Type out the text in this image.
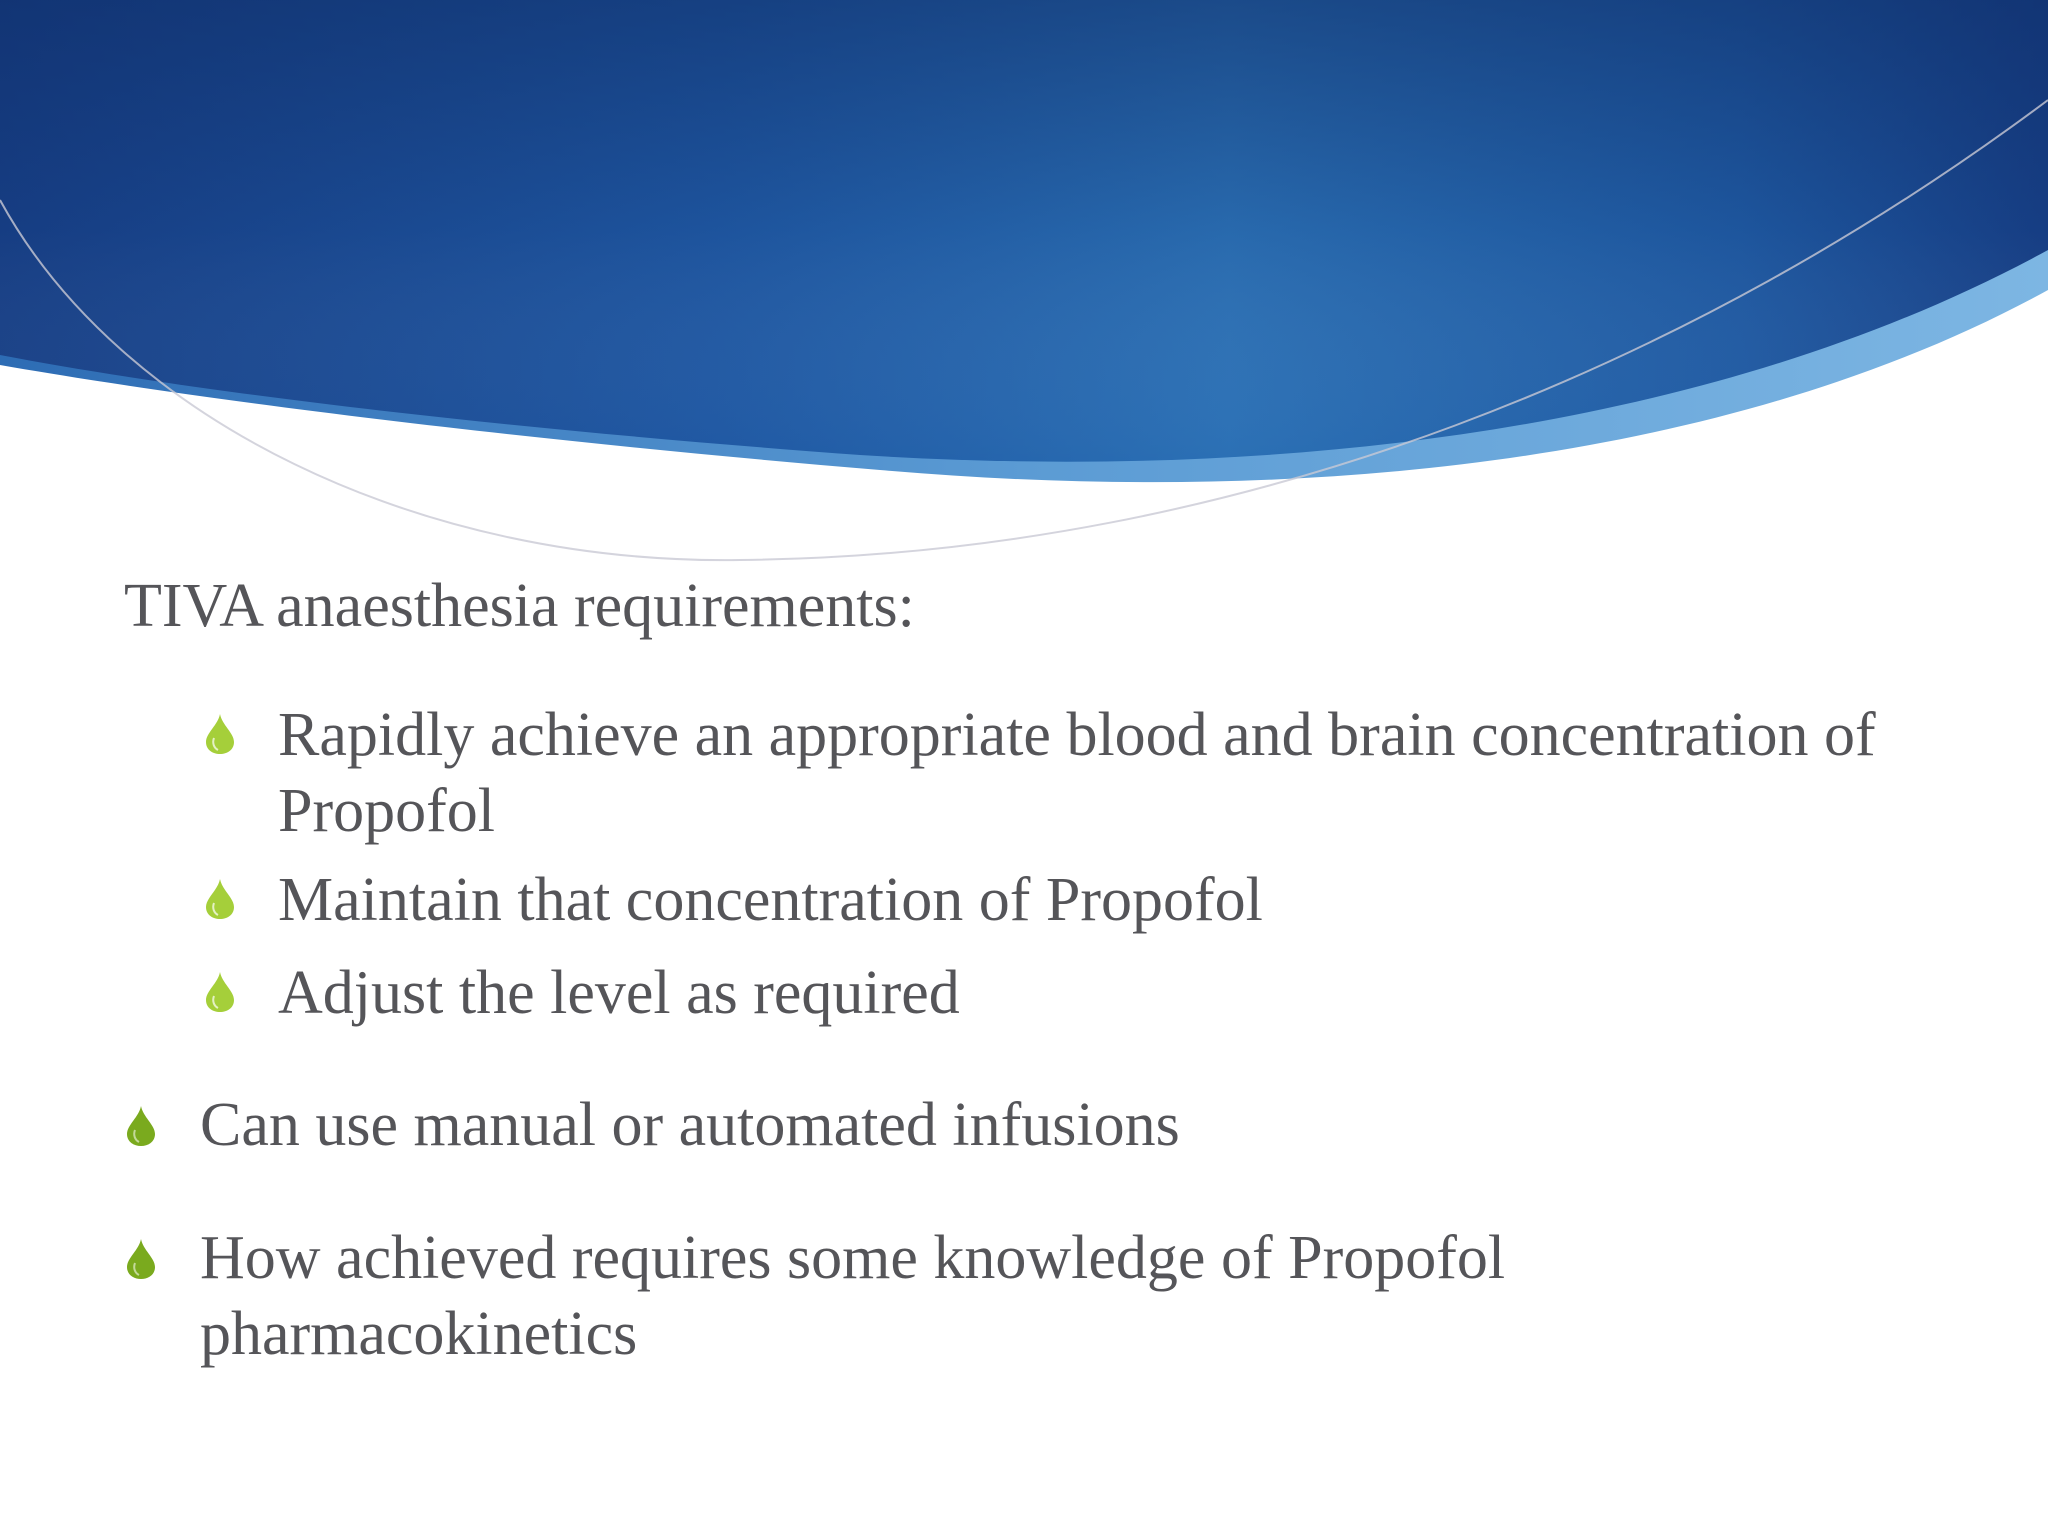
TIVA anaesthesia requirements:
Rapidly achieve an appropriate blood and brain concentration of Propofol
Maintain that concentration of Propofol
Adjust the level as required
Can use manual or automated infusions
How achieved requires some knowledge of Propofol pharmacokinetics
